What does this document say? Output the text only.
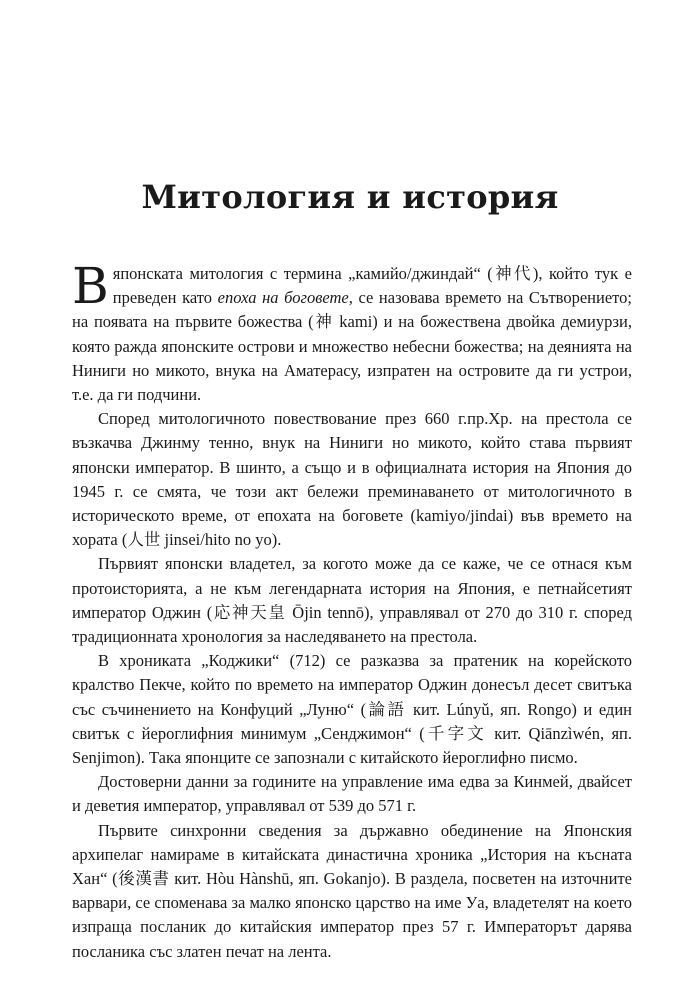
Митология и история

Вяпонската митология с термина „камийо/джиндай“ (神代), който тук е преведен като епоха на боговете, се назовава времето на Сътворението; на появата на първите божества (神 kami) и на божествена двойка демиурзи, която ражда японските острови и множество небесни божества; на деянията на Ниниги но микото, внука на Аматерасу, изпратен на островите да ги устрои, т.е. да ги подчини.

Според митологичното повествование през 660 г.пр.Хр. на престола се възкачва Джинму тенно, внук на Ниниги но микото, който става първият японски император. В шинто, а също и в официалната история на Япония до 1945 г. се смята, че този акт бележи преминаването от митологичното в историческото време, от епохата на боговете (kamiyo/jindai) във времето на хората (人世 jinsei/hito no yo).

Първият японски владетел, за когото може да се каже, че се отнася към протоисторията, а не към легендарната история на Япония, е петнайсетият император Оджин (応神天皇 Ōjin tennō), управлявал от 270 до 310 г. според традиционната хронология за наследяването на престола.

В хрониката „Коджики“ (712) се разказва за пратеник на корейското кралство Пекче, който по времето на император Оджин донесъл десет свитъка със съчинението на Конфуций „Луню“ (論語 кит. Lúnyǔ, яп. Rongo) и един свитък с йероглифния минимум „Сенджимон“ (千字文 кит. Qiānzìwén, яп. Senjimon). Така японците се запознали с китайското йероглифно писмо.

Достоверни данни за годините на управление има едва за Кинмей, двайсет и деветия император, управлявал от 539 до 571 г.

Първите синхронни сведения за държавно обединение на Японския архипелаг намираме в китайската династична хроника „История на късната Хан“ (後漢書 кит. Hòu Hànshū, яп. Gokanjo). В раздела, посветен на източните варвари, се споменава за малко японско царство на име Уа, владетелят на което изпраща посланик до китайския император през 57 г. Императорът дарява посланика със златен печат на лента.
